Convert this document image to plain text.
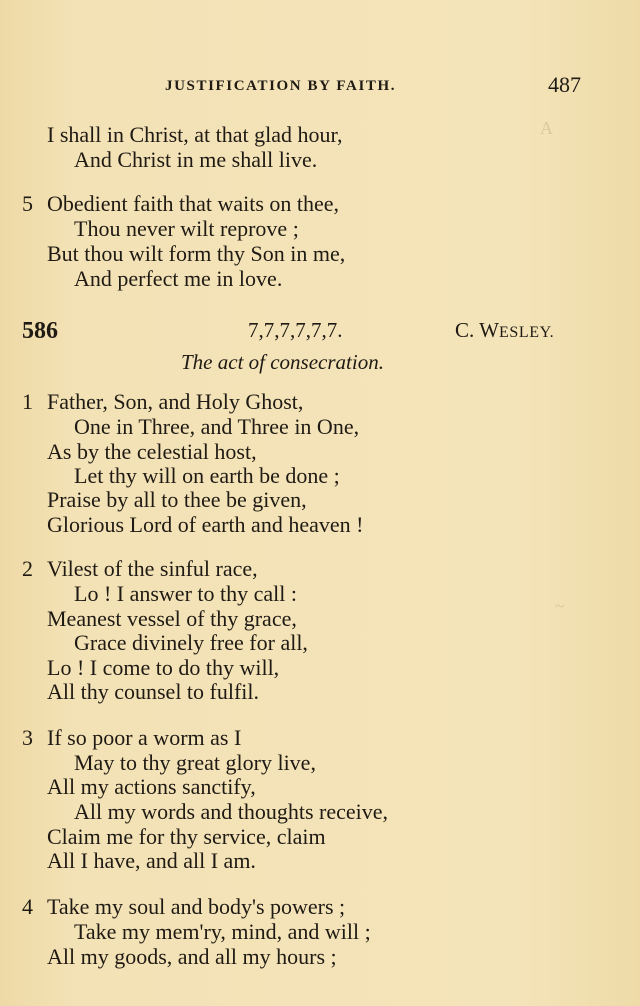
A
~
JUSTIFICATION BY FAITH.	487
I shall in Christ, at that glad hour,
And Christ in me shall live.
5 Obedient faith that waits on thee,
Thou never wilt reprove ;
But thou wilt form thy Son in me,
And perfect me in love.
586	7,7,7,7,7,7.	C. WESLEY.
The act of consecration.
1 Father, Son, and Holy Ghost,
One in Three, and Three in One,
As by the celestial host,
Let thy will on earth be done ;
Praise by all to thee be given,
Glorious Lord of earth and heaven !
2 Vilest of the sinful race,
Lo ! I answer to thy call :
Meanest vessel of thy grace,
Grace divinely free for all,
Lo ! I come to do thy will,
All thy counsel to fulfil.
3 If so poor a worm as I
May to thy great glory live,
All my actions sanctify,
All my words and thoughts receive,
Claim me for thy service, claim
All I have, and all I am.
4 Take my soul and body's powers ;
Take my mem'ry, mind, and will ;
All my goods, and all my hours ;
